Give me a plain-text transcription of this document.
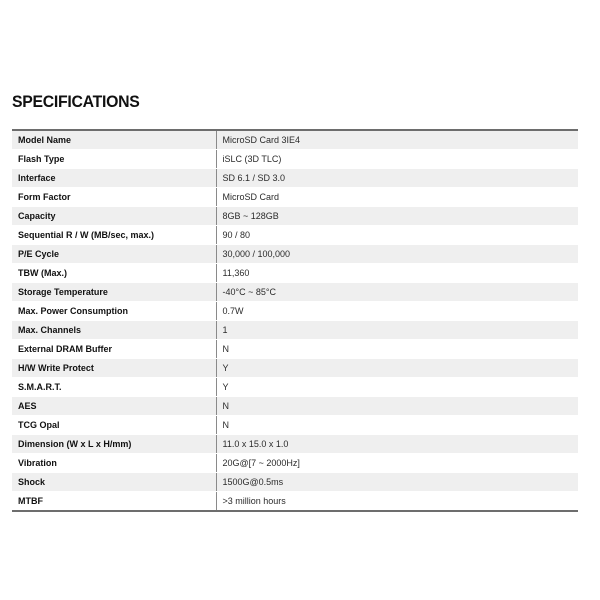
SPECIFICATIONS
Model Name	MicroSD Card 3IE4
Flash Type	iSLC (3D TLC)
Interface	SD 6.1 / SD 3.0
Form Factor	MicroSD Card
Capacity	8GB ~ 128GB
Sequential R / W (MB/sec, max.)	90 / 80
P/E Cycle	30,000 / 100,000
TBW (Max.)	11,360
Storage Temperature	-40°C ~ 85°C
Max. Power Consumption	0.7W
Max. Channels	1
External DRAM Buffer	N
H/W Write Protect	Y
S.M.A.R.T.	Y
AES	N
TCG Opal	N
Dimension (W x L x H/mm)	11.0 x 15.0 x 1.0
Vibration	20G@[7 ~ 2000Hz]
Shock	1500G@0.5ms
MTBF	>3 million hours
